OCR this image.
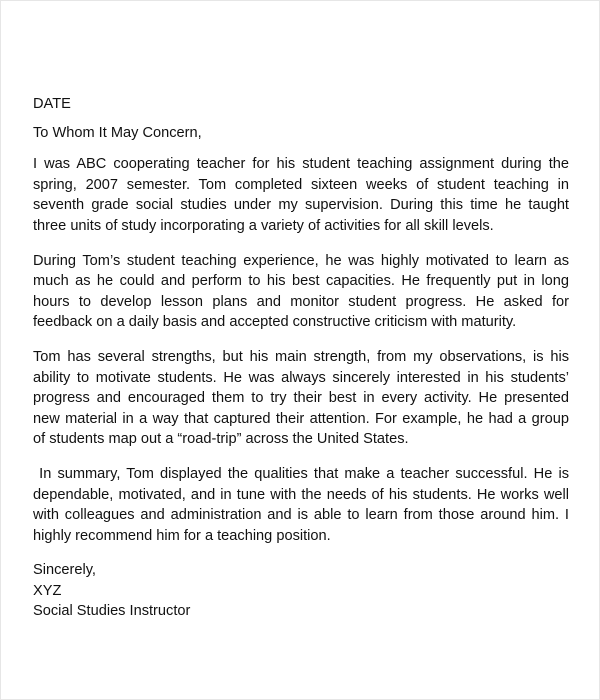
DATE
To Whom It May Concern,
I was ABC cooperating teacher for his student teaching assignment during the
spring, 2007 semester. Tom completed sixteen weeks of student teaching in
seventh grade social studies under my supervision. During this time he taught
three units of study incorporating a variety of activities for all skill levels.
During Tom’s student teaching experience, he was highly motivated to learn as
much as he could and perform to his best capacities. He frequently put in long
hours to develop lesson plans and monitor student progress. He asked for
feedback on a daily basis and accepted constructive criticism with maturity.
Tom has several strengths, but his main strength, from my observations, is his
ability to motivate students. He was always sincerely interested in his students’
progress and encouraged them to try their best in every activity. He presented
new material in a way that captured their attention. For example, he had a group
of students map out a “road-trip” across the United States.
In summary, Tom displayed the qualities that make a teacher successful. He is
dependable, motivated, and in tune with the needs of his students. He works well
with colleagues and administration and is able to learn from those around him. I
highly recommend him for a teaching position.
Sincerely,
XYZ
Social Studies Instructor
